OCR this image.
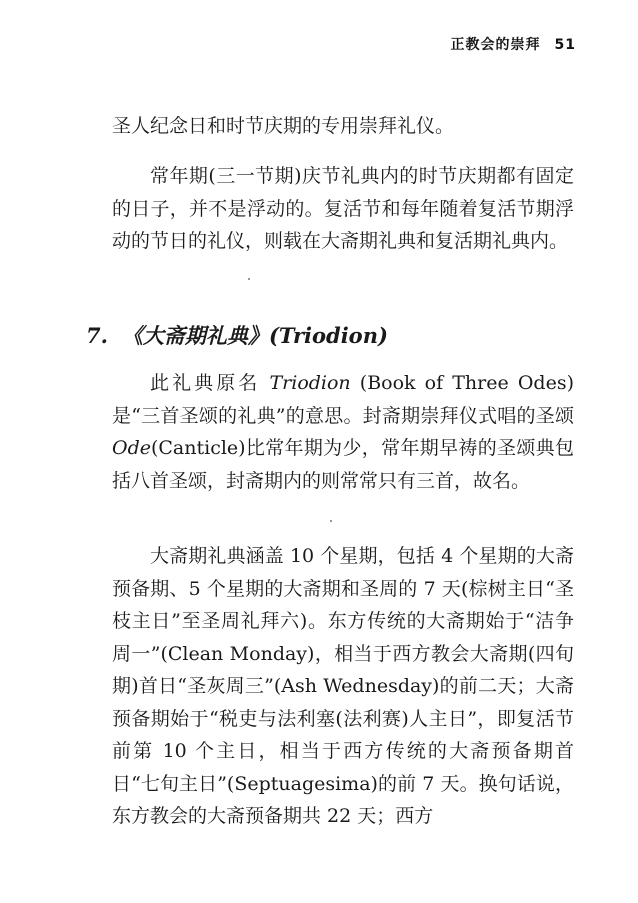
正教会的崇拜 51

圣人纪念日和时节庆期的专用崇拜礼仪。

常年期(三一节期)庆节礼典内的时节庆期都有固定的日子，并不是浮动的。复活节和每年随着复活节期浮动的节日的礼仪，则载在大斋期礼典和复活期礼典内。

7. 《大斋期礼典》(Triodion)

此礼典原名 Triodion (Book of Three Odes)是“三首圣颂的礼典”的意思。封斋期崇拜仪式唱的圣颂 Ode(Canticle)比常年期为少，常年期早祷的圣颂典包括八首圣颂，封斋期内的则常常只有三首，故名。

大斋期礼典涵盖 10 个星期，包括 4 个星期的大斋预备期、5 个星期的大斋期和圣周的 7 天(棕树主日“圣枝主日”至圣周礼拜六)。东方传统的大斋期始于“洁争周一”(Clean Monday)，相当于西方教会大斋期(四旬期)首日“圣灰周三”(Ash Wednesday)的前二天；大斋预备期始于“税吏与法利塞(法利赛)人主日”，即复活节前第 10 个主日，相当于西方传统的大斋预备期首日“七旬主日”(Septuagesima)的前 7 天。换句话说，东方教会的大斋预备期共 22 天；西方
